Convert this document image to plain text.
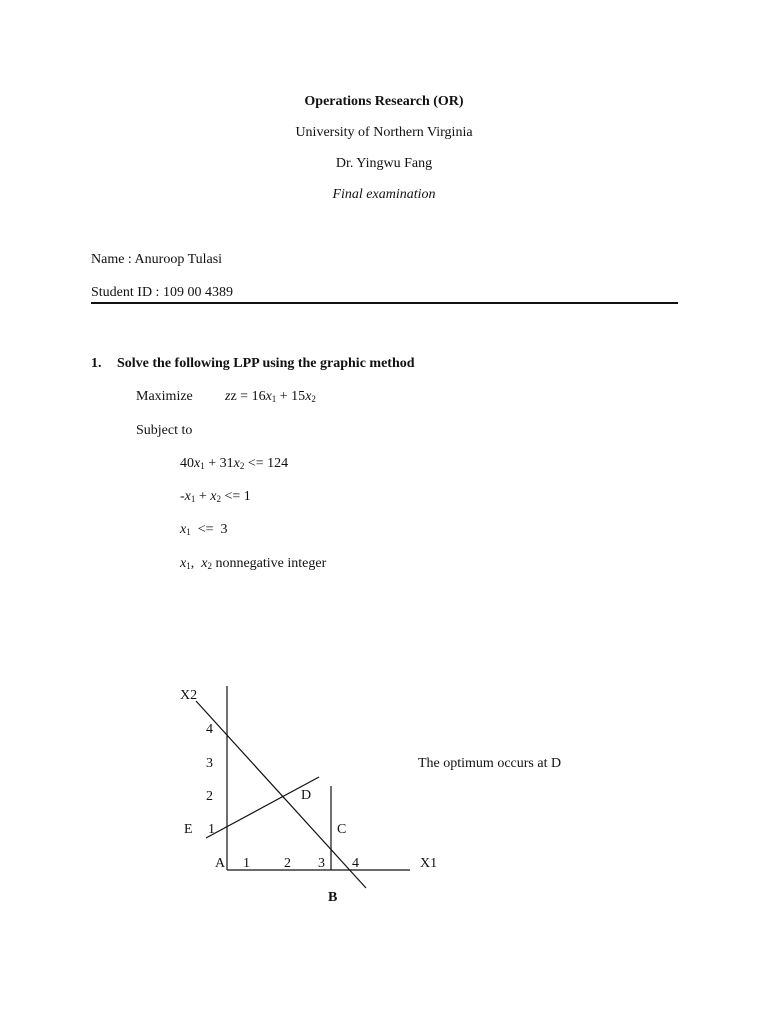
Operations Research (OR)
University of Northern Virginia
Dr. Yingwu Fang
Final examination
Name : Anuroop Tulasi
Student ID : 109 00 4389
1. Solve the following LPP using the graphic method
Maximize zz = $16x_1 + 15x_2$
Subject to
$40x_1 + 31x_2 <= 124$
$-x_1 + x_2 <= 1$
$x_1 <= 3$
$x_1$,  $x_2$ nonnegative integer
X2
X1
4
3
2
1
1 2 3 4
A
B
C
D
E
The optimum occurs at D
